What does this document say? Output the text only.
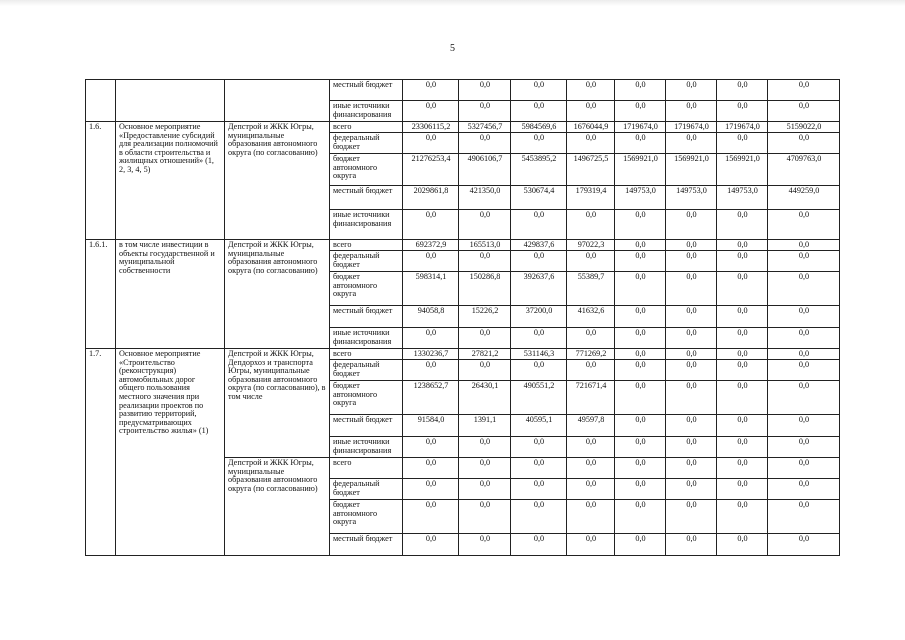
5
			местный бюджет	0,0	0,0	0,0	0,0	0,0	0,0	0,0	0,0
			иные источники финансирования	0,0	0,0	0,0	0,0	0,0	0,0	0,0	0,0
1.6.	Основное мероприятие «Предоставление субсидий для реализации полномочий в области строительства и жилищных отношений» (1, 2, 3, 4, 5)	Депстрой и ЖКК Югры, муниципальные образования автономного округа (по согласованию)	всего	23306115,2	5327456,7	5984569,6	1676044,9	1719674,0	1719674,0	1719674,0	5159022,0
			федеральный бюджет	0,0	0,0	0,0	0,0	0,0	0,0	0,0	0,0
			бюджет автономного округа	21276253,4	4906106,7	5453895,2	1496725,5	1569921,0	1569921,0	1569921,0	4709763,0
			местный бюджет	2029861,8	421350,0	530674,4	179319,4	149753,0	149753,0	149753,0	449259,0
			иные источники финансирования	0,0	0,0	0,0	0,0	0,0	0,0	0,0	0,0
1.6.1.	в том числе инвестиции в объекты государственной и муниципальной собственности	Депстрой и ЖКК Югры, муниципальные образования автономного округа (по согласованию)	всего	692372,9	165513,0	429837,6	97022,3	0,0	0,0	0,0	0,0
			федеральный бюджет	0,0	0,0	0,0	0,0	0,0	0,0	0,0	0,0
			бюджет автономного округа	598314,1	150286,8	392637,6	55389,7	0,0	0,0	0,0	0,0
			местный бюджет	94058,8	15226,2	37200,0	41632,6	0,0	0,0	0,0	0,0
			иные источники финансирования	0,0	0,0	0,0	0,0	0,0	0,0	0,0	0,0
1.7.	Основное мероприятие «Строительство (реконструкция) автомобильных дорог общего пользования местного значения при реализации проектов по развитию территорий, предусматривающих строительство жилья» (1)	Депстрой и ЖКК Югры, Депдорхоз и транспорта Югры, муниципальные образования автономного округа (по согласованию), в том числе	всего	1330236,7	27821,2	531146,3	771269,2	0,0	0,0	0,0	0,0
			федеральный бюджет	0,0	0,0	0,0	0,0	0,0	0,0	0,0	0,0
			бюджет автономного округа	1238652,7	26430,1	490551,2	721671,4	0,0	0,0	0,0	0,0
			местный бюджет	91584,0	1391,1	40595,1	49597,8	0,0	0,0	0,0	0,0
			иные источники финансирования	0,0	0,0	0,0	0,0	0,0	0,0	0,0	0,0
		Депстрой и ЖКК Югры, муниципальные образования автономного округа (по согласованию)	всего	0,0	0,0	0,0	0,0	0,0	0,0	0,0	0,0
			федеральный бюджет	0,0	0,0	0,0	0,0	0,0	0,0	0,0	0,0
			бюджет автономного округа	0,0	0,0	0,0	0,0	0,0	0,0	0,0	0,0
			местный бюджет	0,0	0,0	0,0	0,0	0,0	0,0	0,0	0,0
